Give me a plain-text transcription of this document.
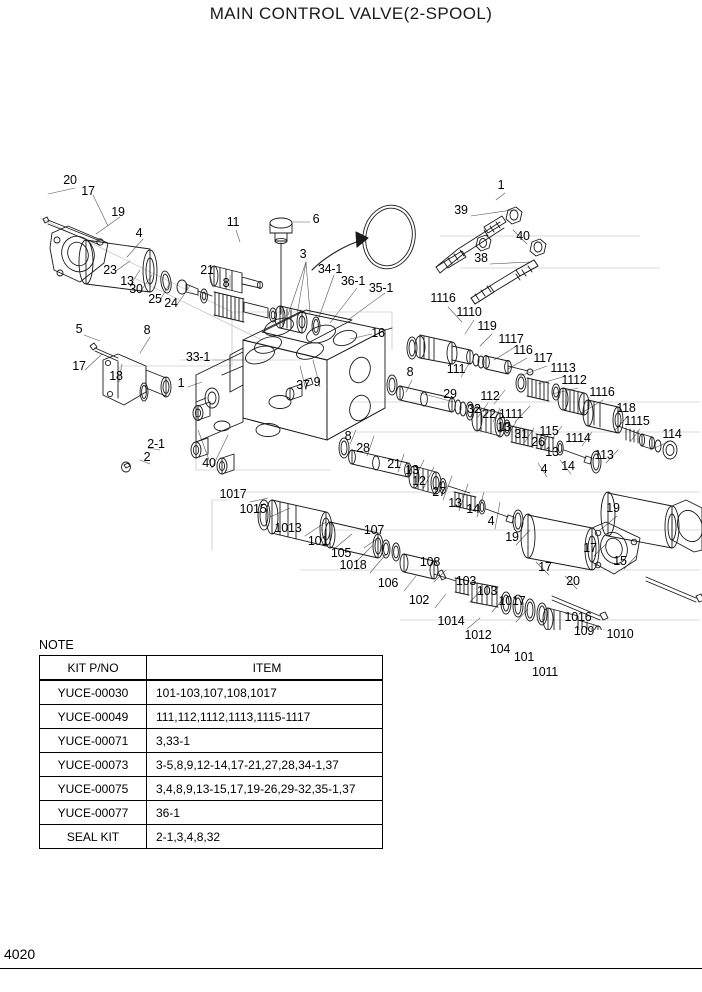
MAIN CONTROL VALVE(2-SPOOL)
20
17
19
4
23
13
30
25 24
21
8
11	6
3
34-1
36-1 35-1
16
37 9
5	8
17
18
33-1
1
2-1
2	40
1
39
40
38
1116
1110
119
1117
116
117
1113
1112
111
112	1116
1111	118
1115
114
1114
113
115
26
13
31
13
32 22
14
4
29
8
8
28
21 13
12
27
13 14
4
19
17
20
19
17
15
1017
1015
1013
101
105
1018
107
106
108
102
103
103
1017
1014
1012
104
101
1011
1016
109 1010
NOTE
KIT P/NO	ITEM
YUCE-00030	101-103,107,108,1017
YUCE-00049	111,112,1112,1113,1115-1117
YUCE-00071	3,33-1
YUCE-00073	3-5,8,9,12-14,17-21,27,28,34-1,37
YUCE-00075	3,4,8,9,13-15,17,19-26,29-32,35-1,37
YUCE-00077	36-1
SEAL KIT	2-1,3,4,8,32
4020
